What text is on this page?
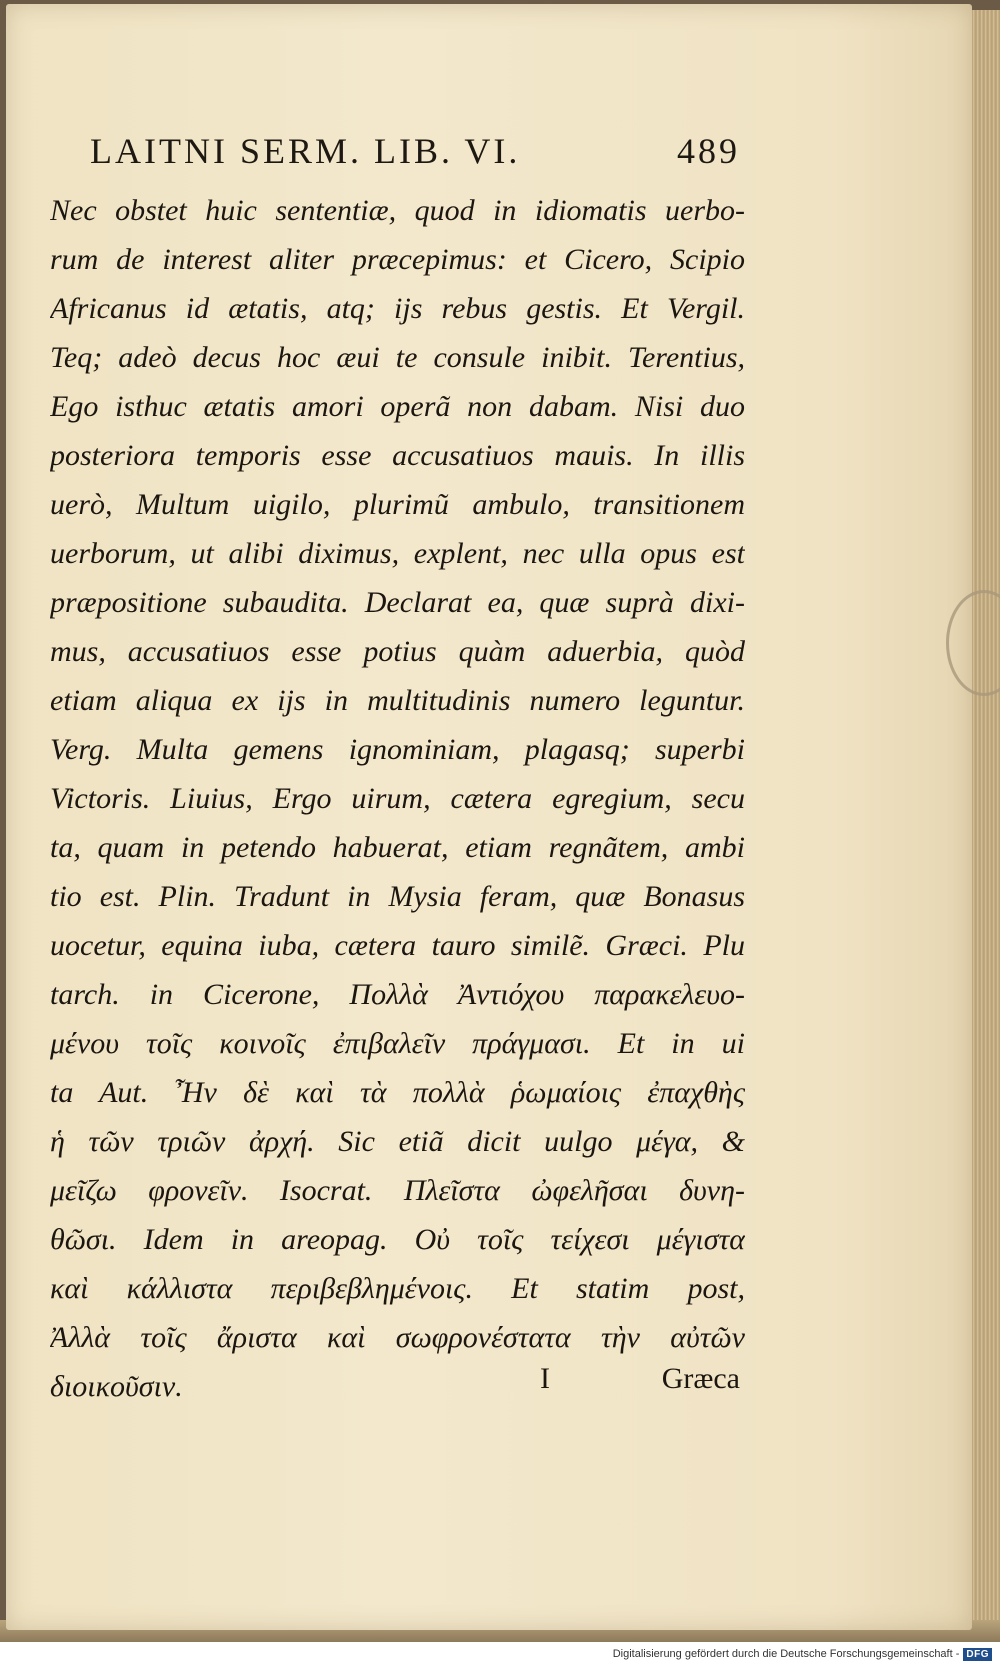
LAITNI SERM. LIB. VI.	489
Nec obstet huic sententiæ, quod in idiomatis uerbo-
rum de interest aliter præcepimus: et Cicero, Scipio
Africanus id ætatis, atq; ijs rebus gestis. Et Vergil.
Teq; adeò decus hoc æui te consule inibit. Terentius,
Ego isthuc ætatis amori operã non dabam. Nisi duo
posteriora temporis esse accusatiuos mauis. In illis
uerò, Multum uigilo, plurimũ ambulo, transitionem
uerborum, ut alibi diximus, explent, nec ulla opus est
præpositione subaudita. Declarat ea, quæ suprà dixi-
mus, accusatiuos esse potius quàm aduerbia, quòd
etiam aliqua ex ijs in multitudinis numero leguntur.
Verg. Multa gemens ignominiam, plagasq; superbi
Victoris. Liuius, Ergo uirum, cætera egregium, secu
ta, quam in petendo habuerat, etiam regnãtem, ambi
tio est. Plin. Tradunt in Mysia feram, quæ Bonasus
uocetur, equina iuba, cætera tauro similẽ. Græci. Plu
tarch. in Cicerone, Πολλὰ Ἀντιόχου παρακελευο-
μένου τοῖς κοινοῖς ἐπιβαλεῖν πράγμασι. Et in ui
ta Aut. Ἦν δὲ καὶ τὰ πολλὰ ῥωμαίοις ἐπαχθὴς
ἡ τῶν τριῶν ἀρχή. Sic etiã dicit uulgo μέγα, &
μεῖζω φρονεῖν. Isocrat. Πλεῖστα ὠφελῆσαι δυνη-
θῶσι. Idem in areopag. Οὐ τοῖς τείχεσι μέγιστα
καὶ κάλλιστα περιβεβλημένοις. Et statim post,
Ἀλλὰ τοῖς ἄριστα καὶ σωφρονέστατα τὴν αὐτῶν
διοικοῦσιν.	I	Græca
Digitalisierung gefördert durch die Deutsche Forschungsgemeinschaft - DFG
